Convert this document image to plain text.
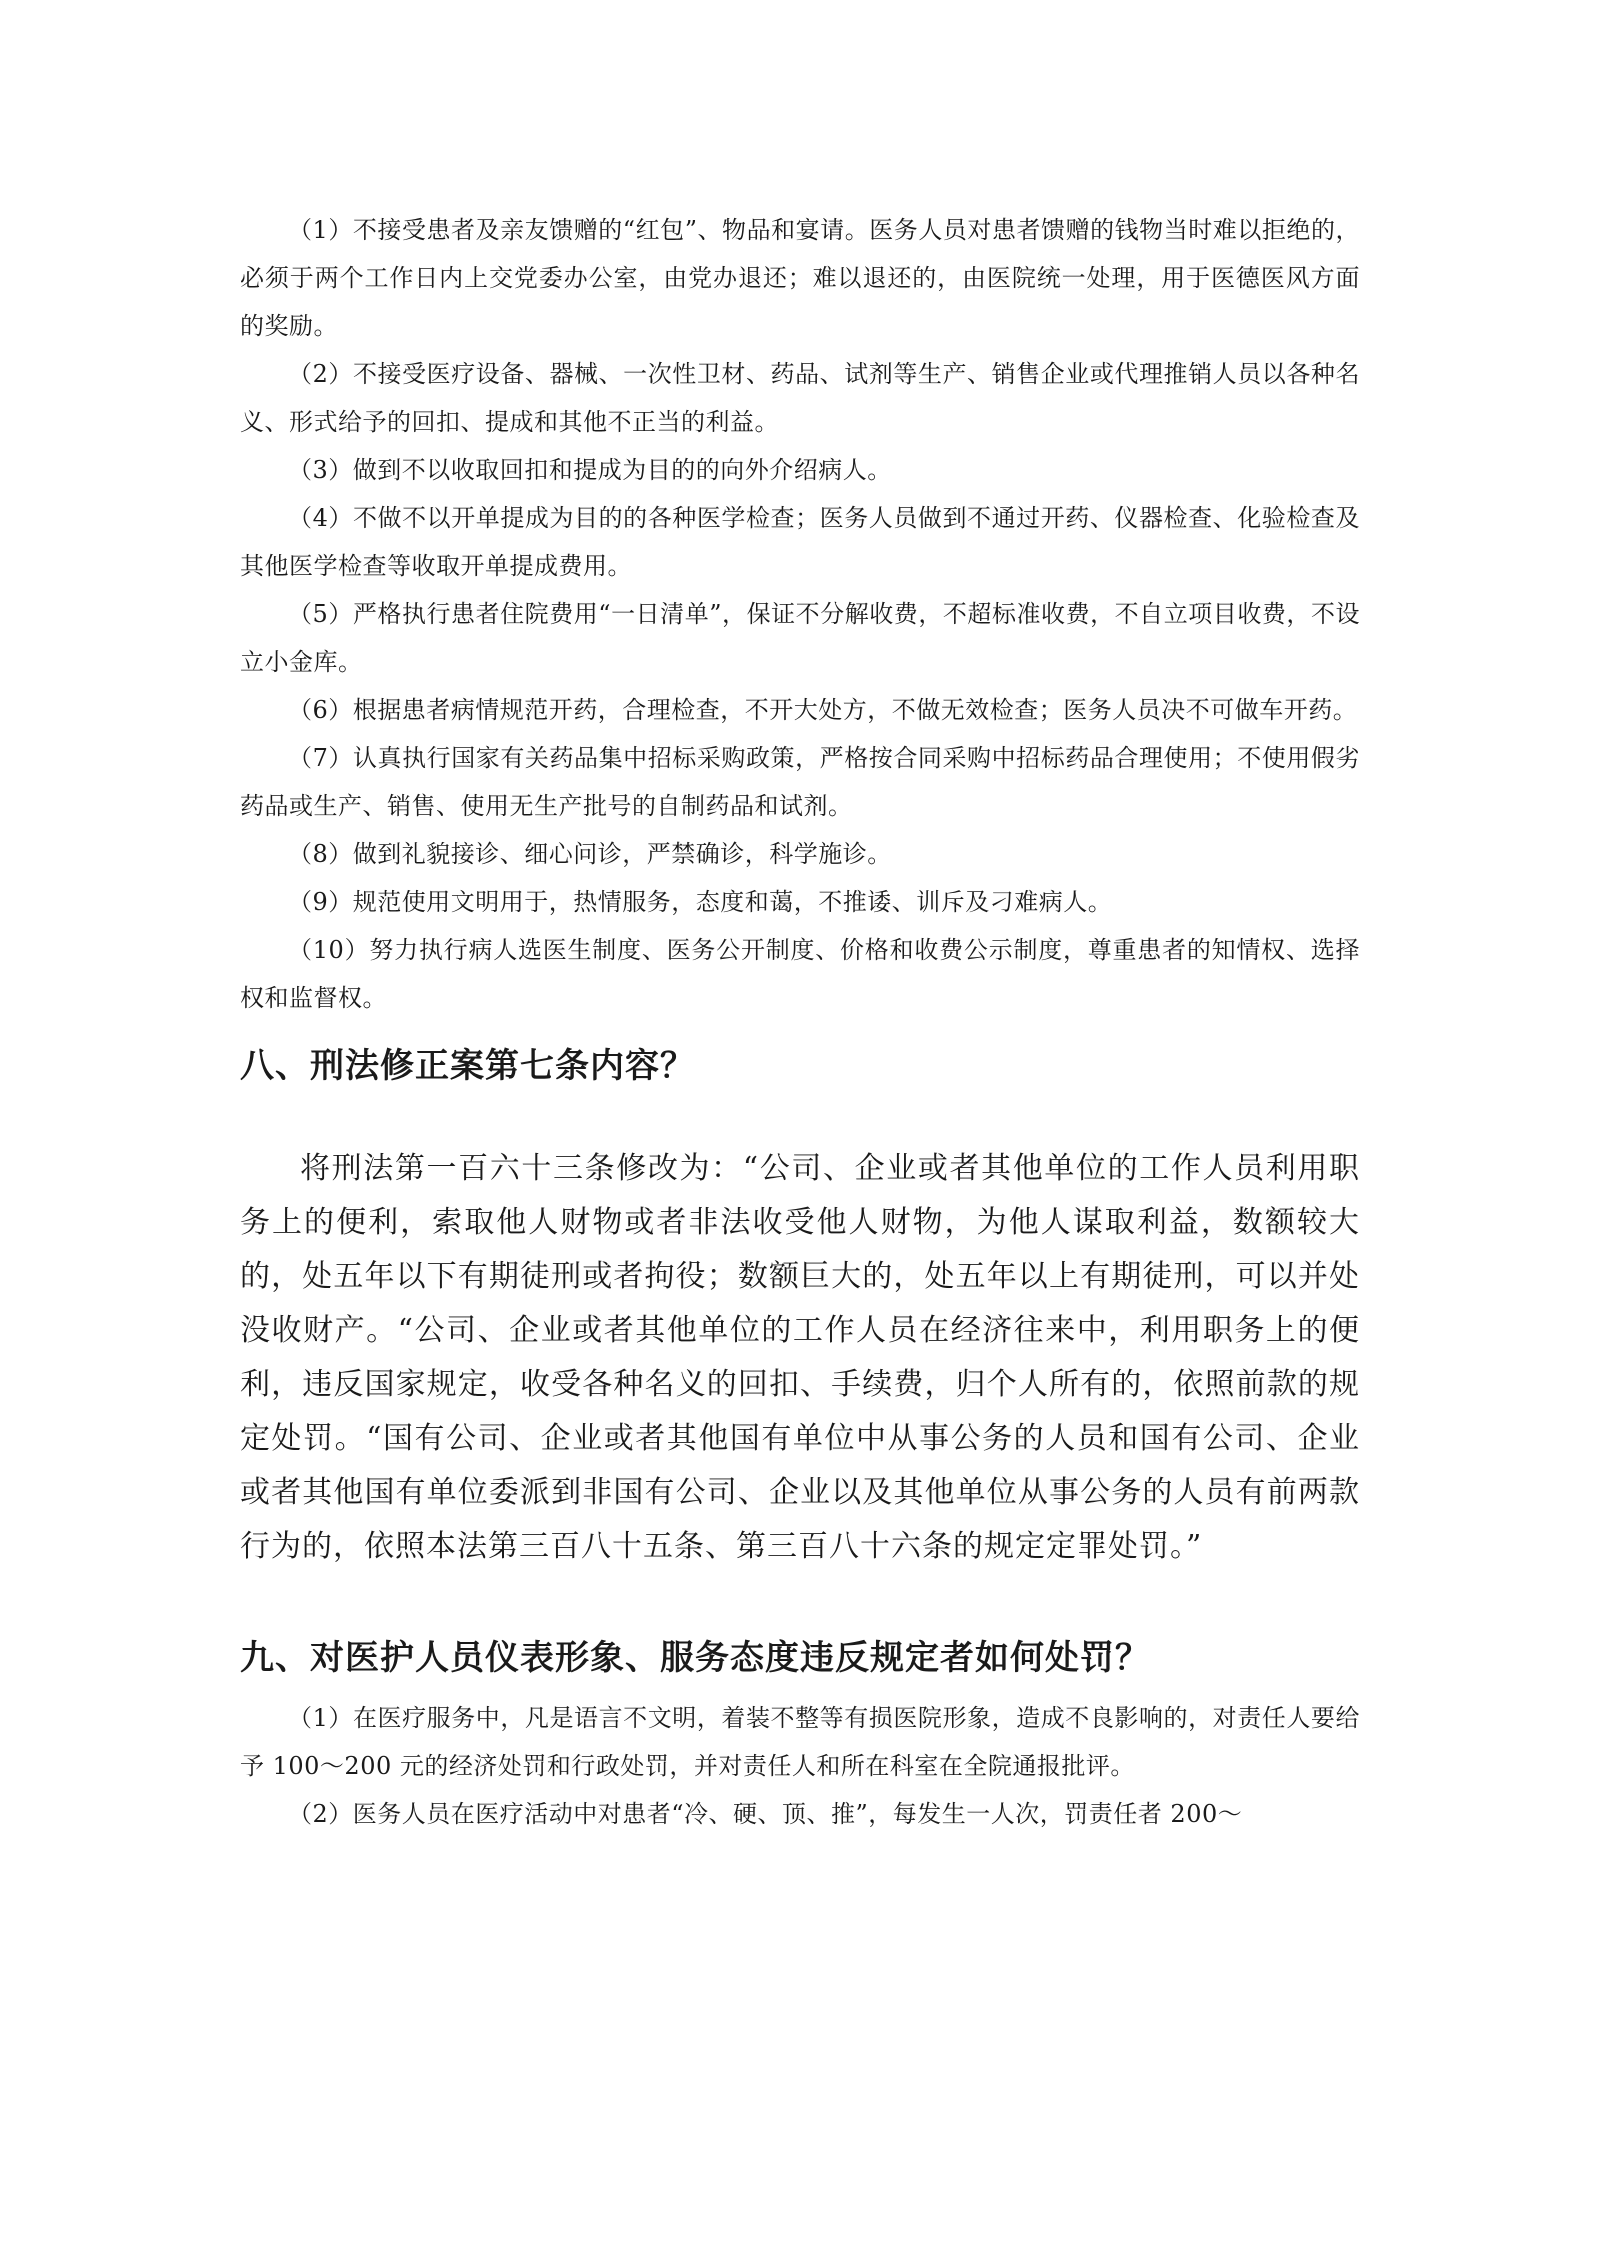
（1）不接受患者及亲友馈赠的“红包”、物品和宴请。医务人员对患者馈赠的钱物当时难以拒绝的，必须于两个工作日内上交党委办公室，由党办退还；难以退还的，由医院统一处理，用于医德医风方面的奖励。

（2）不接受医疗设备、器械、一次性卫材、药品、试剂等生产、销售企业或代理推销人员以各种名义、形式给予的回扣、提成和其他不正当的利益。

（3）做到不以收取回扣和提成为目的的向外介绍病人。

（4）不做不以开单提成为目的的各种医学检查；医务人员做到不通过开药、仪器检查、化验检查及其他医学检查等收取开单提成费用。

（5）严格执行患者住院费用“一日清单”，保证不分解收费，不超标准收费，不自立项目收费，不设立小金库。

（6）根据患者病情规范开药，合理检查，不开大处方，不做无效检查；医务人员决不可做车开药。

（7）认真执行国家有关药品集中招标采购政策，严格按合同采购中招标药品合理使用；不使用假劣药品或生产、销售、使用无生产批号的自制药品和试剂。

（8）做到礼貌接诊、细心问诊，严禁确诊，科学施诊。

（9）规范使用文明用于，热情服务，态度和蔼，不推诿、训斥及刁难病人。

（10）努力执行病人选医生制度、医务公开制度、价格和收费公示制度，尊重患者的知情权、选择权和监督权。

八、刑法修正案第七条内容？

将刑法第一百六十三条修改为：“公司、企业或者其他单位的工作人员利用职务上的便利，索取他人财物或者非法收受他人财物，为他人谋取利益，数额较大的，处五年以下有期徒刑或者拘役；数额巨大的，处五年以上有期徒刑，可以并处没收财产。“公司、企业或者其他单位的工作人员在经济往来中，利用职务上的便利，违反国家规定，收受各种名义的回扣、手续费，归个人所有的，依照前款的规定处罚。“国有公司、企业或者其他国有单位中从事公务的人员和国有公司、企业或者其他国有单位委派到非国有公司、企业以及其他单位从事公务的人员有前两款行为的，依照本法第三百八十五条、第三百八十六条的规定定罪处罚。”

九、对医护人员仪表形象、服务态度违反规定者如何处罚？

（1）在医疗服务中，凡是语言不文明，着装不整等有损医院形象，造成不良影响的，对责任人要给予 100～200 元的经济处罚和行政处罚，并对责任人和所在科室在全院通报批评。

（2）医务人员在医疗活动中对患者“冷、硬、顶、推”，每发生一人次，罚责任者 200～
